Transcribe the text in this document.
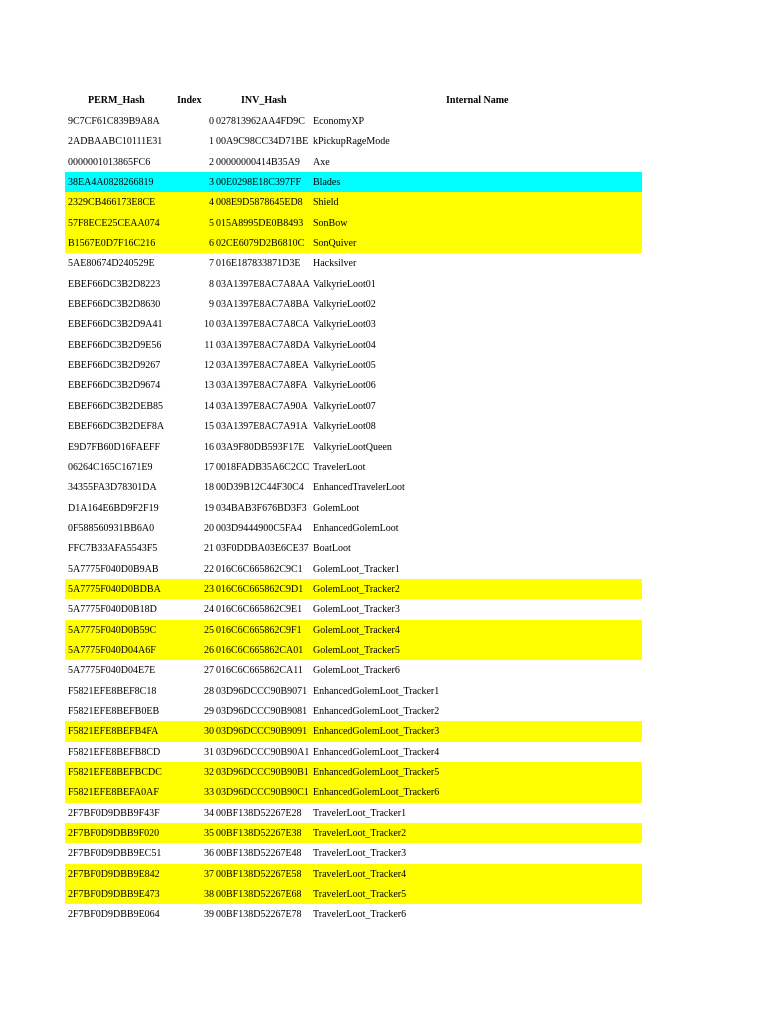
PERM_Hash	Index	INV_Hash	Internal Name
9C7CF61C839B9A8A	0 027813962AA4FD9C EconomyXP
2ADBAABC10111E31	1 00A9C98CC34D71BE kPickupRageMode
0000001013865FC6	2 00000000414B35A9 Axe
38EA4A0828266819	3 00E0298E18C397FF Blades
2329CB466173E8CE	4 008E9D5878645ED8 Shield
57F8ECE25CEAA074	5 015A8995DE0B8493 SonBow
B1567E0D7F16C216	6 02CE6079D2B6810C SonQuiver
5AE80674D240529E	7 016E187833871D3E Hacksilver
EBEF66DC3B2D8223	8 03A1397E8AC7A8AA ValkyrieLoot01
EBEF66DC3B2D8630	9 03A1397E8AC7A8BA ValkyrieLoot02
EBEF66DC3B2D9A41	10 03A1397E8AC7A8CA ValkyrieLoot03
EBEF66DC3B2D9E56	11 03A1397E8AC7A8DA ValkyrieLoot04
EBEF66DC3B2D9267	12 03A1397E8AC7A8EA ValkyrieLoot05
EBEF66DC3B2D9674	13 03A1397E8AC7A8FA ValkyrieLoot06
EBEF66DC3B2DEB85	14 03A1397E8AC7A90A ValkyrieLoot07
EBEF66DC3B2DEF8A	15 03A1397E8AC7A91A ValkyrieLoot08
E9D7FB60D16FAEFF	16 03A9F80DB593F17E ValkyrieLootQueen
06264C165C1671E9	17 0018FADB35A6C2CC TravelerLoot
34355FA3D78301DA	18 00D39B12C44F30C4 EnhancedTravelerLoot
D1A164E6BD9F2F19	19 034BAB3F676BD3F3 GolemLoot
0F588560931BB6A0	20 003D9444900C5FA4 EnhancedGolemLoot
FFC7B33AFA5543F5	21 03F0DDBA03E6CE37 BoatLoot
5A7775F040D0B9AB	22 016C6C665862C9C1 GolemLoot_Tracker1
5A7775F040D0BDBA	23 016C6C665862C9D1 GolemLoot_Tracker2
5A7775F040D0B18D	24 016C6C665862C9E1 GolemLoot_Tracker3
5A7775F040D0B59C	25 016C6C665862C9F1 GolemLoot_Tracker4
5A7775F040D04A6F	26 016C6C665862CA01 GolemLoot_Tracker5
5A7775F040D04E7E	27 016C6C665862CA11 GolemLoot_Tracker6
F5821EFE8BEF8C18	28 03D96DCCC90B9071 EnhancedGolemLoot_Tracker1
F5821EFE8BEFB0EB	29 03D96DCCC90B9081 EnhancedGolemLoot_Tracker2
F5821EFE8BEFB4FA	30 03D96DCCC90B9091 EnhancedGolemLoot_Tracker3
F5821EFE8BEFB8CD	31 03D96DCCC90B90A1 EnhancedGolemLoot_Tracker4
F5821EFE8BEFBCDC	32 03D96DCCC90B90B1 EnhancedGolemLoot_Tracker5
F5821EFE8BEFA0AF	33 03D96DCCC90B90C1 EnhancedGolemLoot_Tracker6
2F7BF0D9DBB9F43F	34 00BF138D52267E28 TravelerLoot_Tracker1
2F7BF0D9DBB9F020	35 00BF138D52267E38 TravelerLoot_Tracker2
2F7BF0D9DBB9EC51	36 00BF138D52267E48 TravelerLoot_Tracker3
2F7BF0D9DBB9E842	37 00BF138D52267E58 TravelerLoot_Tracker4
2F7BF0D9DBB9E473	38 00BF138D52267E68 TravelerLoot_Tracker5
2F7BF0D9DBB9E064	39 00BF138D52267E78 TravelerLoot_Tracker6
